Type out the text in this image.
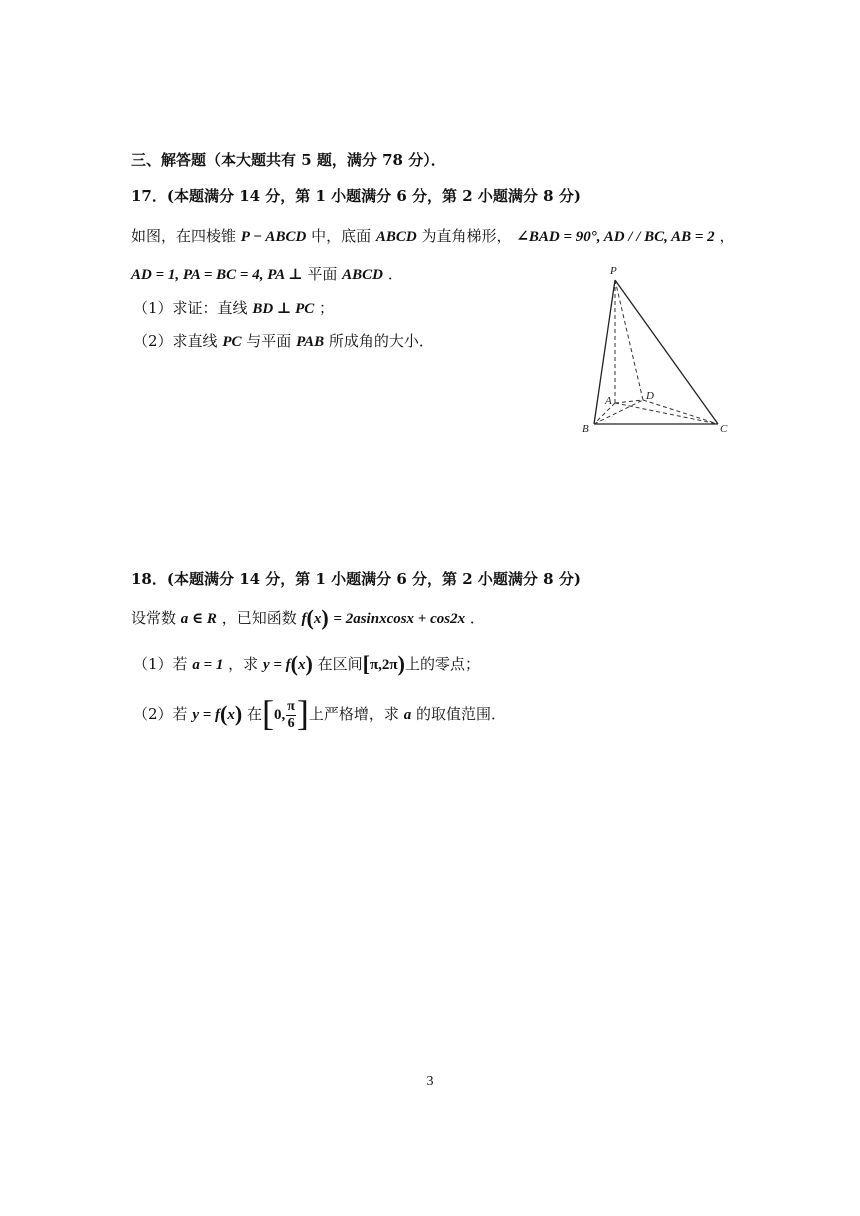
三、解答题（本大题共有 5 题，满分 78 分）．
17．(本题满分 14 分，第 1 小题满分 6 分，第 2 小题满分 8 分)
如图，在四棱锥 P − ABCD 中，底面 ABCD 为直角梯形， ∠BAD = 90°, AD / / BC, AB = 2 ，
AD = 1, PA = BC = 4, PA ⊥ 平面 ABCD ．
（1）求证：直线 BD ⊥ PC ；
（2）求直线 PC 与平面 PAB 所成角的大小．
P
A	D
B	C
18．(本题满分 14 分，第 1 小题满分 6 分，第 2 小题满分 8 分)
设常数 a ∈ R ，已知函数 f(x) = 2asinxcosx + cos2x ．
（1）若 a = 1 ，求 y = f(x) 在区间[π,2π)上的零点；
（2）若 y = f(x) 在[0, $\frac{\pi}{6}$ ]上严格增，求 a 的取值范围．
3
